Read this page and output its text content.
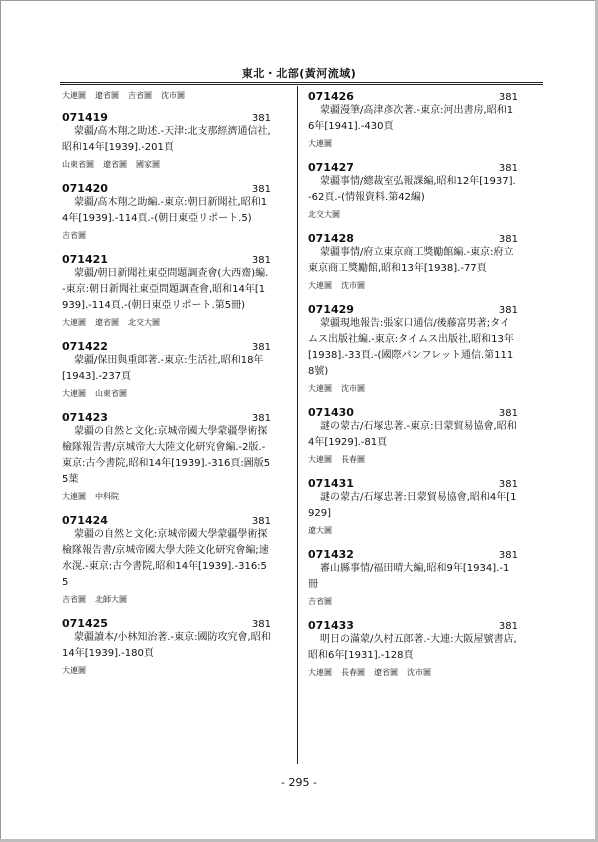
東北・北部(黃河流域)
大連圖 遼省圖 吉省圖 沈市圖
071419	381
蒙疆/高木翔之助述.-天津:北支那經濟通信社,昭和14年[1939].-201頁
山東省圖 遼省圖 國家圖
071420	381
蒙疆/高木翔之助編.-東京:朝日新聞社,昭和14年[1939].-114頁.-(朝日東亞リポート.5)
吉省圖
071421	381
蒙疆/朝日新聞社東亞問題調查會(大西齋)編.-東京:朝日新聞社東亞問題調查會,昭和14年[1939].-114頁.-(朝日東亞リポート.第5冊)
大連圖 遼省圖 北交大圖
071422	381
蒙疆/保田與重郎著.-東京:生活社,昭和18年[1943].-237頁
大連圖 山東省圖
071423	381
蒙疆の自然と文化:京城帝國大學蒙疆學術探檢隊報告書/京城帝大大陸文化研究會編.-2版.-東京:古今書院,昭和14年[1939].-316頁:圖版55葉
大連圖 中科院
071424	381
蒙疆の自然と文化:京城帝國大學蒙疆學術探檢隊報告書/京城帝國大學大陸文化研究會編;速水滉.-東京:古今書院,昭和14年[1939].-316:55
吉省圖 北師大圖
071425	381
蒙疆讀本/小林知治著.-東京:國防攻究會,昭和14年[1939].-180頁
大連圖
071426	381
蒙疆漫筆/高津彥次著.-東京:河出書房,昭和16年[1941].-430頁
大連圖
071427	381
蒙疆事情/總裁室弘報課編,昭和12年[1937].-62頁.-(情報資料.第42編)
北交大圖
071428	381
蒙疆事情/府立東京商工獎勵館編.-東京:府立東京商工獎勵館,昭和13年[1938].-77頁
大連圖 沈市圖
071429	381
蒙疆現地報告:張家口通信/後藤富男著;タイムス出版社編.-東京:タイムス出版社,昭和13年[1938].-33頁.-(國際パンフレット通信.第1118號)
大連圖 沈市圖
071430	381
謎の蒙古/石塚忠著.-東京:日蒙貿易協會,昭和4年[1929].-81頁
大連圖 長春圖
071431	381
謎の蒙古/石塚忠著:日蒙貿易協會,昭和4年[1929]
遼大圖
071432	381
審山縣事情/福田晴大編,昭和9年[1934].-1冊
吉省圖
071433	381
明日の滿蒙/久村五郎著.-大連:大阪屋號書店,昭和6年[1931].-128頁
大連圖 長春圖 遼省圖 沈市圖
- 295 -
